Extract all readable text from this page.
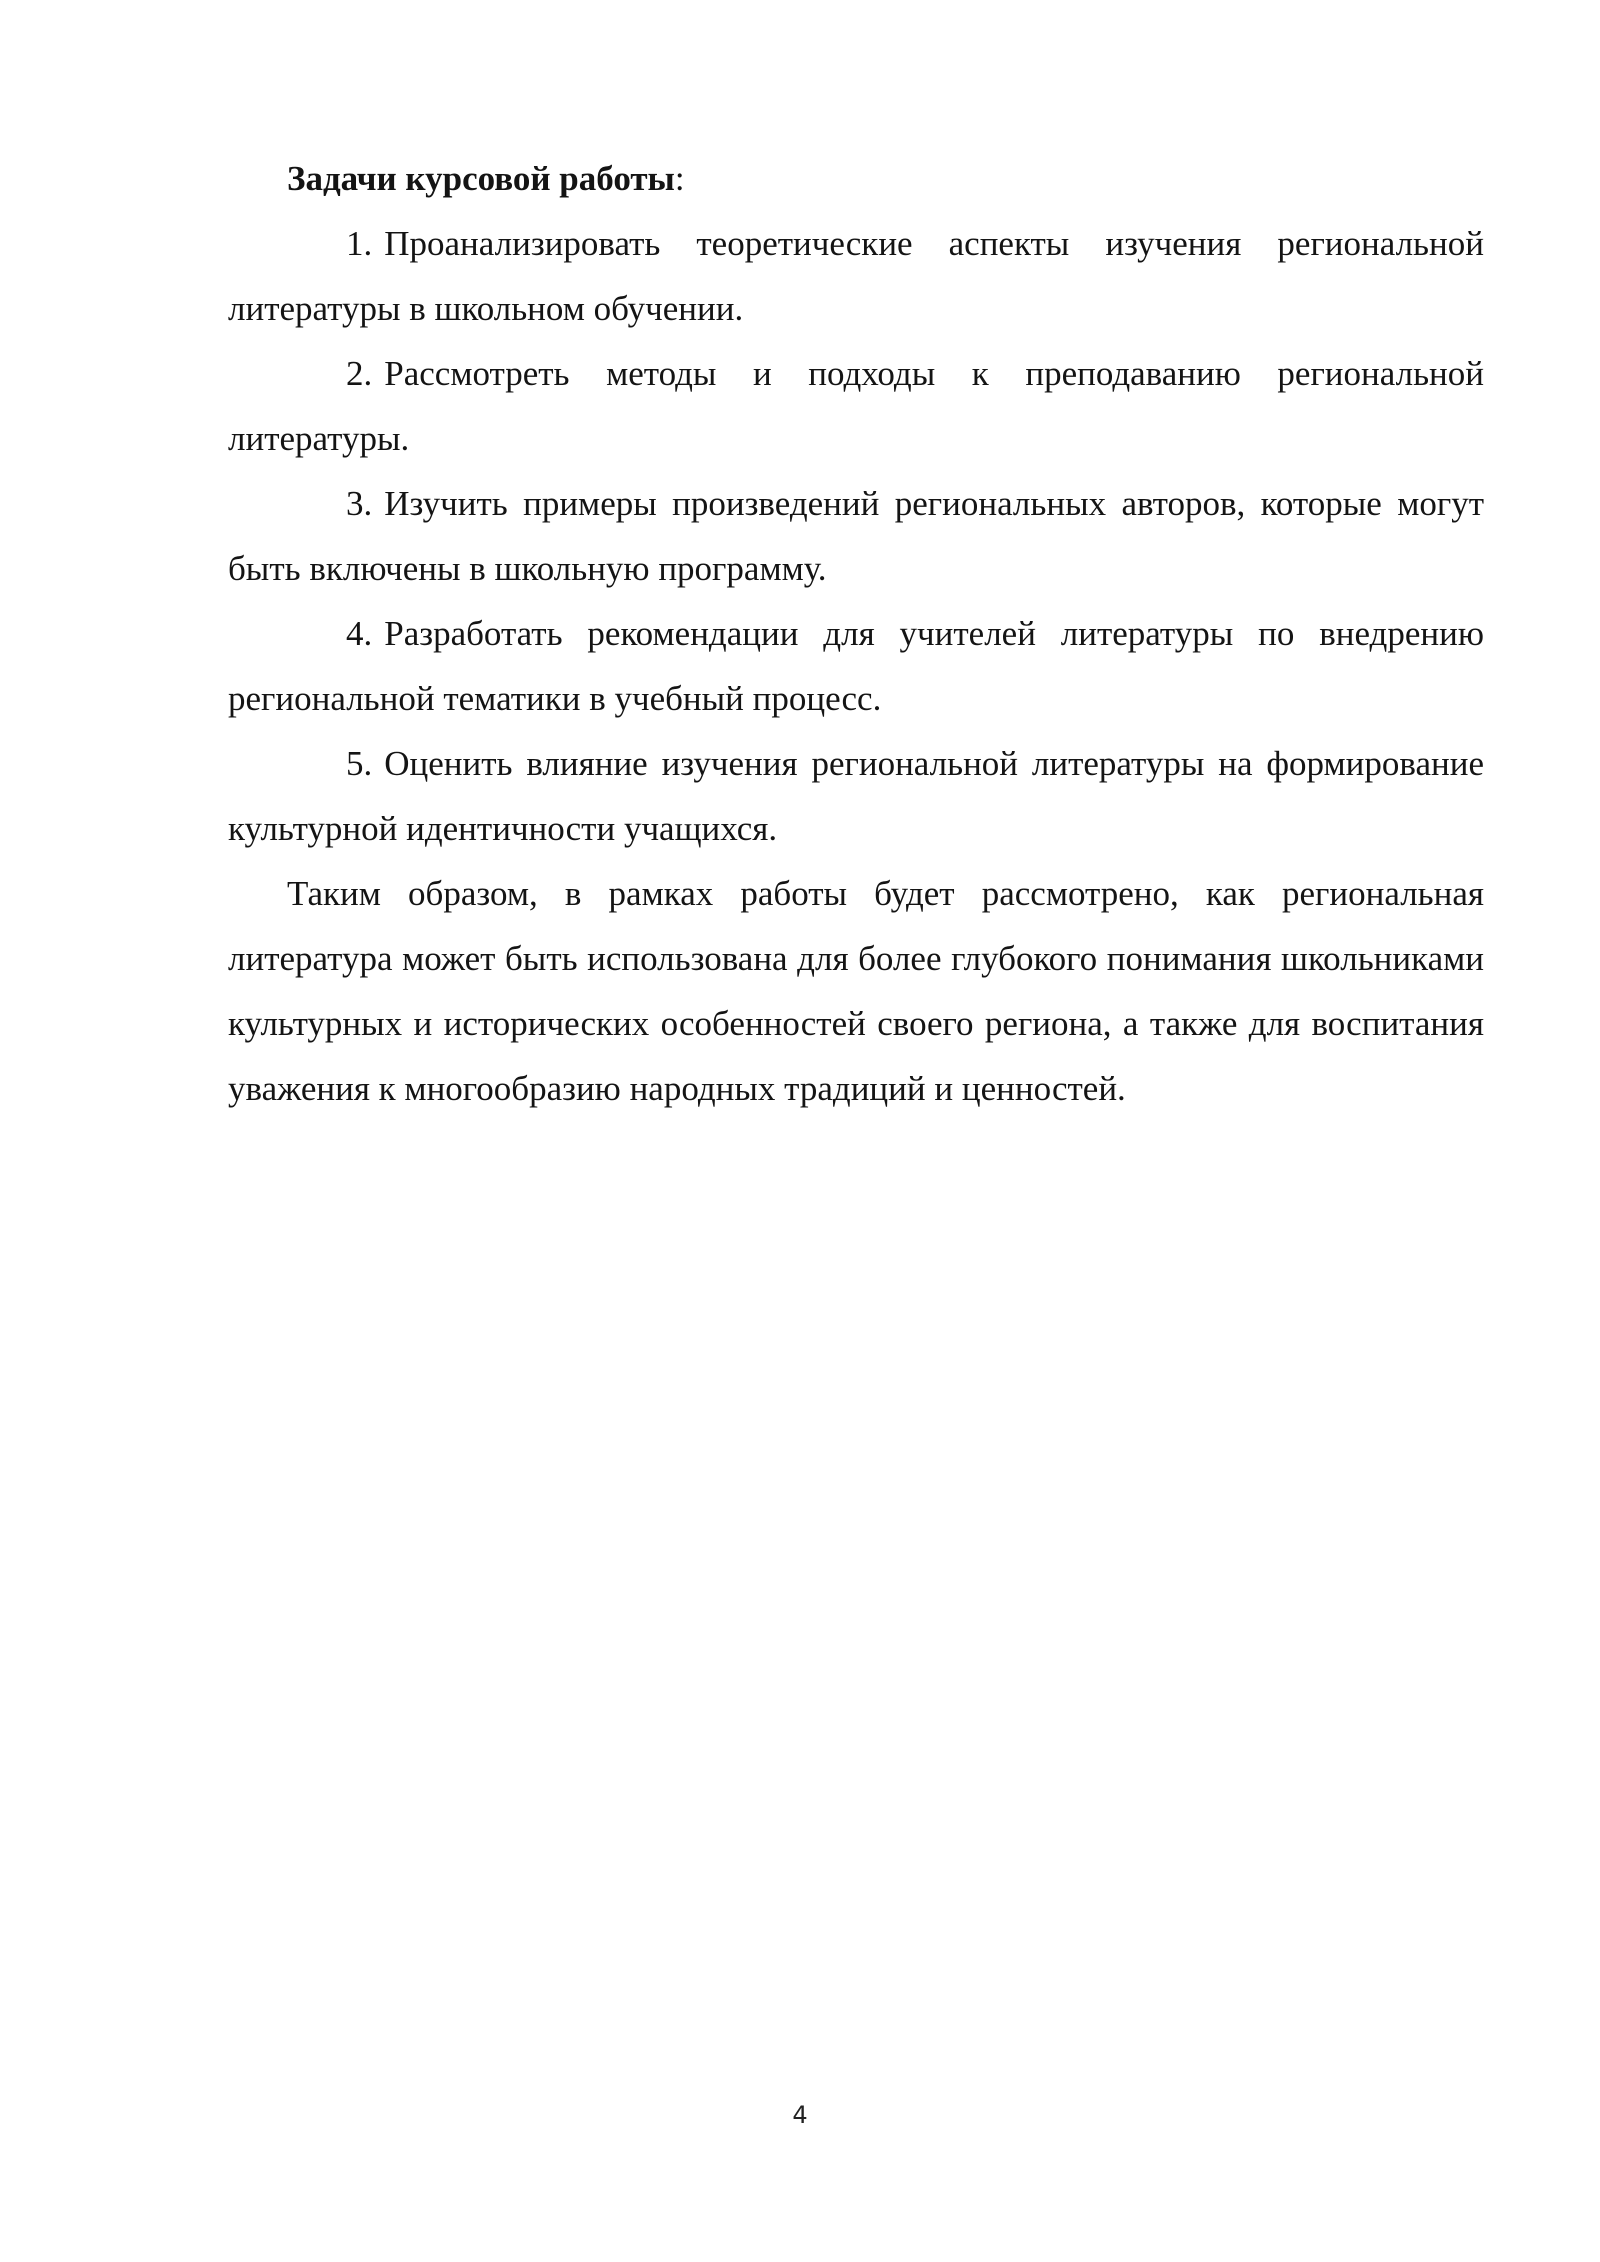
Задачи курсовой работы:

1. Проанализировать теоретические аспекты изучения региональной литературы в школьном обучении.

2. Рассмотреть методы и подходы к преподаванию региональной литературы.

3. Изучить примеры произведений региональных авторов, которые могут быть включены в школьную программу.

4. Разработать рекомендации для учителей литературы по внедрению региональной тематики в учебный процесс.

5. Оценить влияние изучения региональной литературы на формирование культурной идентичности учащихся.

Таким образом, в рамках работы будет рассмотрено, как региональная литература может быть использована для более глубокого понимания школьниками культурных и исторических особенностей своего региона, а также для воспитания уважения к многообразию народных традиций и ценностей.

4
